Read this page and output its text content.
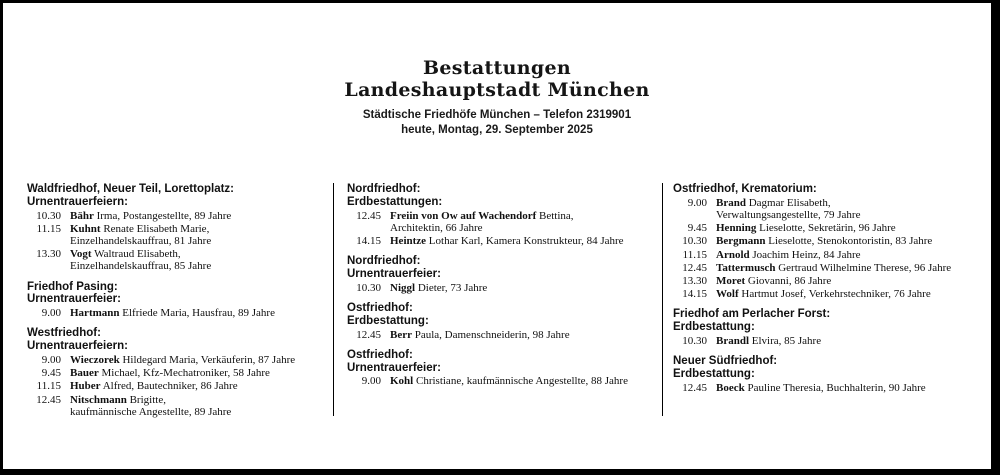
Bestattungen
Landeshauptstadt München
Städtische Friedhöfe München – Telefon 2319901
heute, Montag, 29. September 2025
Waldfriedhof, Neuer Teil, Lorettoplatz:
Urnentrauerfeiern:
10.30 Bähr Irma, Postangestellte, 89 Jahre
11.15 Kuhnt Renate Elisabeth Marie,
Einzelhandelskauffrau, 81 Jahre
13.30 Vogt Waltraud Elisabeth,
Einzelhandelskauffrau, 85 Jahre
Friedhof Pasing:
Urnentrauerfeier:
9.00 Hartmann Elfriede Maria, Hausfrau, 89 Jahre
Westfriedhof:
Urnentrauerfeiern:
9.00 Wieczorek Hildegard Maria, Verkäuferin, 87 Jahre
9.45 Bauer Michael, Kfz-Mechatroniker, 58 Jahre
11.15 Huber Alfred, Bautechniker, 86 Jahre
12.45 Nitschmann Brigitte,
kaufmännische Angestellte, 89 Jahre
Nordfriedhof:
Erdbestattungen:
12.45 Freiin von Ow auf Wachendorf Bettina,
Architektin, 66 Jahre
14.15 Heintze Lothar Karl, Kamera Konstrukteur, 84 Jahre
Nordfriedhof:
Urnentrauerfeier:
10.30 Niggl Dieter, 73 Jahre
Ostfriedhof:
Erdbestattung:
12.45 Berr Paula, Damenschneiderin, 98 Jahre
Ostfriedhof:
Urnentrauerfeier:
9.00 Kohl Christiane, kaufmännische Angestellte, 88 Jahre
Ostfriedhof, Krematorium:
9.00 Brand Dagmar Elisabeth,
Verwaltungsangestellte, 79 Jahre
9.45 Henning Lieselotte, Sekretärin, 96 Jahre
10.30 Bergmann Lieselotte, Stenokontoristin, 83 Jahre
11.15 Arnold Joachim Heinz, 84 Jahre
12.45 Tattermusch Gertraud Wilhelmine Therese, 96 Jahre
13.30 Moret Giovanni, 86 Jahre
14.15 Wolf Hartmut Josef, Verkehrstechniker, 76 Jahre
Friedhof am Perlacher Forst:
Erdbestattung:
10.30 Brandl Elvira, 85 Jahre
Neuer Südfriedhof:
Erdbestattung:
12.45 Boeck Pauline Theresia, Buchhalterin, 90 Jahre
